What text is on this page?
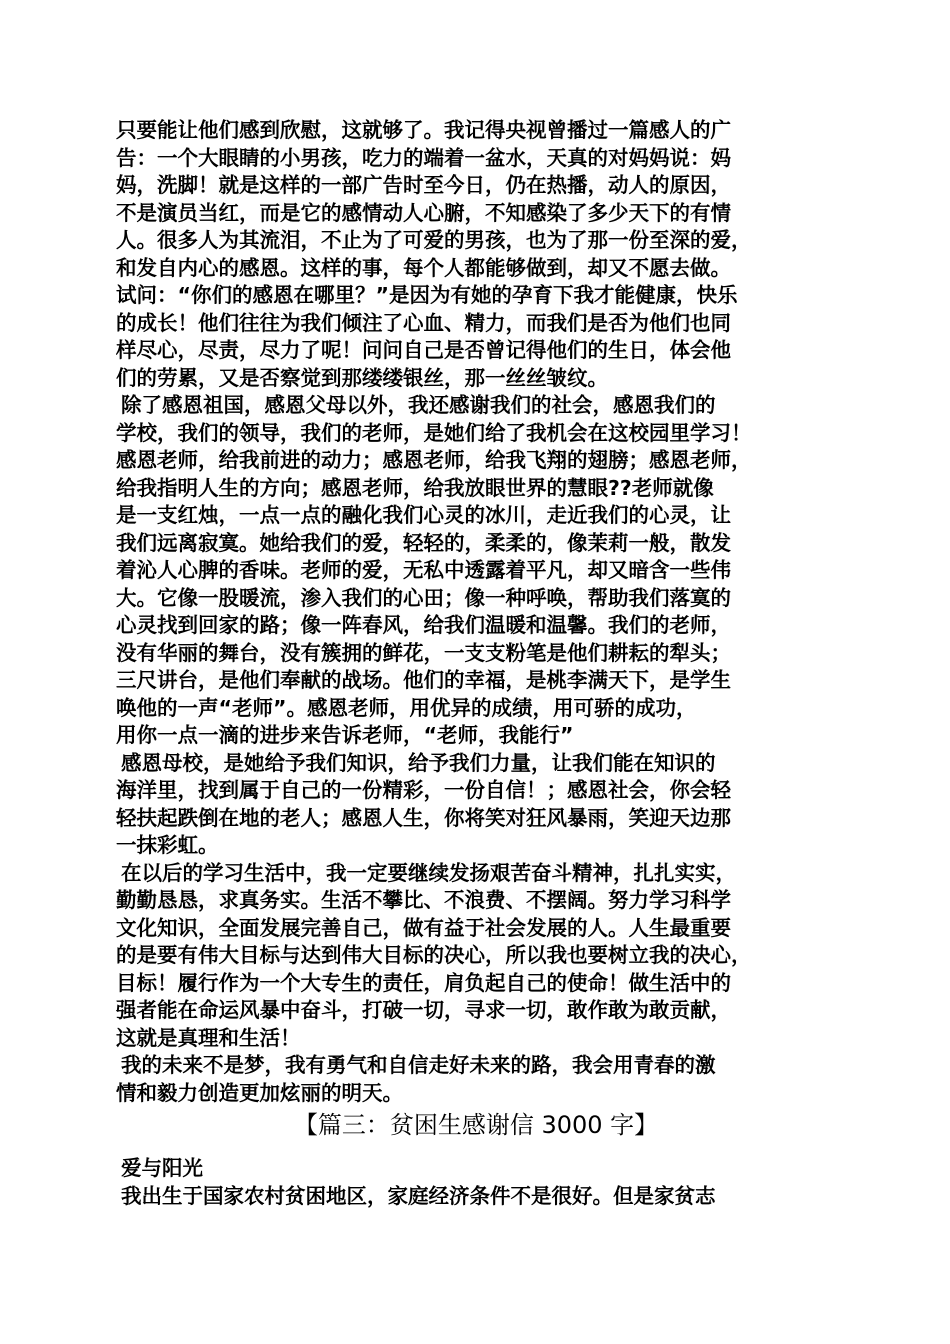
只要能让他们感到欣慰，这就够了。我记得央视曾播过一篇感人的广
告：一个大眼睛的小男孩，吃力的端着一盆水，天真的对妈妈说：妈
妈，洗脚！就是这样的一部广告时至今日，仍在热播，动人的原因，
不是演员当红，而是它的感情动人心腑，不知感染了多少天下的有情
人。很多人为其流泪，不止为了可爱的男孩，也为了那一份至深的爱，
和发自内心的感恩。这样的事，每个人都能够做到，却又不愿去做。
试问：“你们的感恩在哪里？”是因为有她的孕育下我才能健康，快乐
的成长！他们往往为我们倾注了心血、精力，而我们是否为他们也同
样尽心，尽责，尽力了呢！问问自己是否曾记得他们的生日，体会他
们的劳累，又是否察觉到那缕缕银丝，那一丝丝皱纹。
除了感恩祖国，感恩父母以外，我还感谢我们的社会，感恩我们的
学校，我们的领导，我们的老师，是她们给了我机会在这校园里学习！
感恩老师，给我前进的动力；感恩老师，给我飞翔的翅膀；感恩老师，
给我指明人生的方向；感恩老师，给我放眼世界的慧眼??老师就像
是一支红烛，一点一点的融化我们心灵的冰川，走近我们的心灵，让
我们远离寂寞。她给我们的爱，轻轻的，柔柔的，像茉莉一般，散发
着沁人心脾的香味。老师的爱，无私中透露着平凡，却又暗含一些伟
大。它像一股暖流，渗入我们的心田；像一种呼唤，帮助我们落寞的
心灵找到回家的路；像一阵春风，给我们温暖和温馨。我们的老师，
没有华丽的舞台，没有簇拥的鲜花，一支支粉笔是他们耕耘的犁头；
三尺讲台，是他们奉献的战场。他们的幸福，是桃李满天下，是学生
唤他的一声“老师”。感恩老师，用优异的成绩，用可骄的成功，
用你一点一滴的进步来告诉老师，“老师，我能行”
感恩母校，是她给予我们知识，给予我们力量，让我们能在知识的
海洋里，找到属于自己的一份精彩，一份自信！；感恩社会，你会轻
轻扶起跌倒在地的老人；感恩人生，你将笑对狂风暴雨，笑迎天边那
一抹彩虹。
在以后的学习生活中，我一定要继续发扬艰苦奋斗精神，扎扎实实，
勤勤恳恳，求真务实。生活不攀比、不浪费、不摆阔。努力学习科学
文化知识，全面发展完善自己，做有益于社会发展的人。人生最重要
的是要有伟大目标与达到伟大目标的决心，所以我也要树立我的决心，
目标！履行作为一个大专生的责任，肩负起自己的使命！做生活中的
强者能在命运风暴中奋斗，打破一切，寻求一切，敢作敢为敢贡献，
这就是真理和生活！
我的未来不是梦，我有勇气和自信走好未来的路，我会用青春的激
情和毅力创造更加炫丽的明天。
【篇三：贫困生感谢信 3000 字】
爱与阳光
我出生于国家农村贫困地区，家庭经济条件不是很好。但是家贫志
